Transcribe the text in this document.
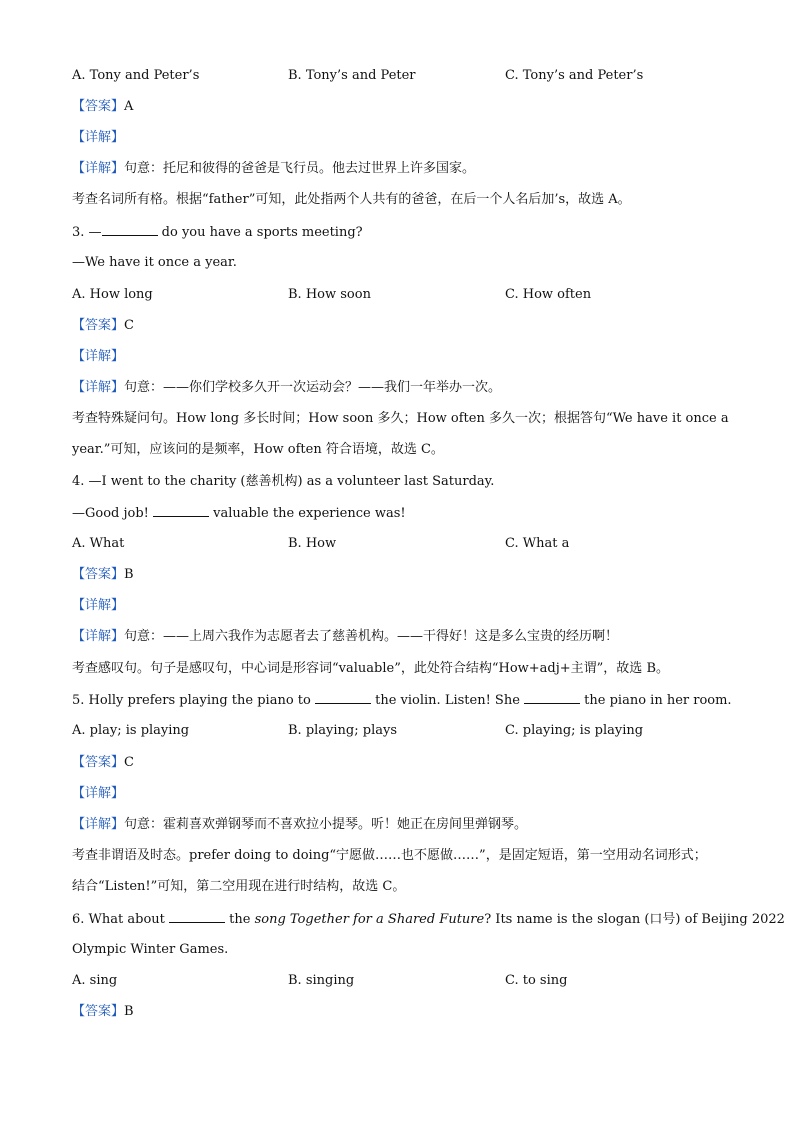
A. Tony and Peter’s	B. Tony’s and Peter	C. Tony’s and Peter’s
【答案】A
【详解】
【详解】句意：托尼和彼得的爸爸是飞行员。他去过世界上许多国家。
考查名词所有格。根据“father”可知，此处指两个人共有的爸爸，在后一个人名后加’s，故选 A。
3. —	do you have a sports meeting?
—We have it once a year.
A. How long	B. How soon	C. How often
【答案】C
【详解】
【详解】句意：——你们学校多久开一次运动会？——我们一年举办一次。
考查特殊疑问句。How long 多长时间；How soon 多久；How often 多久一次；根据答句“We have it once a
year.”可知，应该问的是频率，How often 符合语境，故选 C。
4. —I went to the charity (慈善机构) as a volunteer last Saturday.
—Good job!	valuable the experience was!
A. What	B. How	C. What a
【答案】B
【详解】
【详解】句意：——上周六我作为志愿者去了慈善机构。——干得好！这是多么宝贵的经历啊！
考查感叹句。句子是感叹句，中心词是形容词“valuable”，此处符合结构“How+adj+主谓”，故选 B。
5. Holly prefers playing the piano to	the violin. Listen! She	the piano in her room.
A. play; is playing	B. playing; plays	C. playing; is playing
【答案】C
【详解】
【详解】句意：霍莉喜欢弹钢琴而不喜欢拉小提琴。听！她正在房间里弹钢琴。
考查非谓语及时态。prefer doing to doing“宁愿做……也不愿做……”，是固定短语，第一空用动名词形式；
结合“Listen!”可知，第二空用现在进行时结构，故选 C。
6. What about	the song Together for a Shared Future? Its name is the slogan (口号) of Beijing 2022
Olympic Winter Games.
A. sing	B. singing	C. to sing
【答案】B
